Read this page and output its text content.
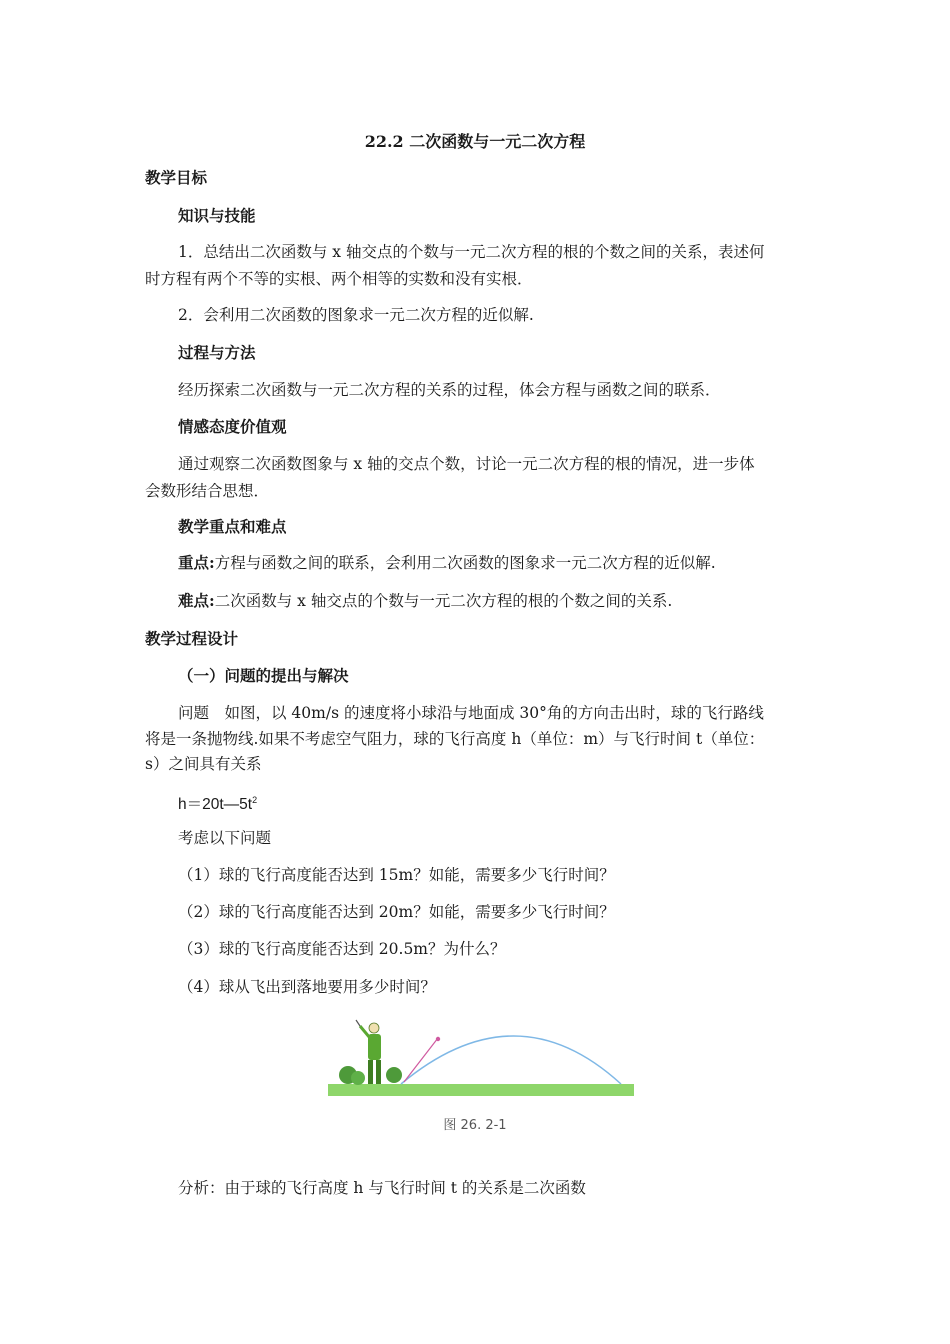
22.2 二次函数与一元二次方程
教学目标
知识与技能
1．总结出二次函数与 x 轴交点的个数与一元二次方程的根的个数之间的关系，表述何
时方程有两个不等的实根、两个相等的实数和没有实根．
2．会利用二次函数的图象求一元二次方程的近似解.
过程与方法
经历探索二次函数与一元二次方程的关系的过程，体会方程与函数之间的联系．
情感态度价值观
通过观察二次函数图象与 x 轴的交点个数，讨论一元二次方程的根的情况，进一步体
会数形结合思想．
教学重点和难点
重点:方程与函数之间的联系，会利用二次函数的图象求一元二次方程的近似解.
难点:二次函数与 x 轴交点的个数与一元二次方程的根的个数之间的关系.
教学过程设计
（一）问题的提出与解决
问题　如图，以 40m/s 的速度将小球沿与地面成 30°角的方向击出时，球的飞行路线
将是一条抛物线.如果不考虑空气阻力，球的飞行高度 h（单位：m）与飞行时间 t（单位：
s）之间具有关系
$h=20t—5t^2$
考虑以下问题
（1）球的飞行高度能否达到 15m？如能，需要多少飞行时间？
（2）球的飞行高度能否达到 20m？如能，需要多少飞行时间？
（3）球的飞行高度能否达到 20.5m？为什么？
（4）球从飞出到落地要用多少时间？
图 26. 2-1
分析：由于球的飞行高度 h 与飞行时间 t 的关系是二次函数
